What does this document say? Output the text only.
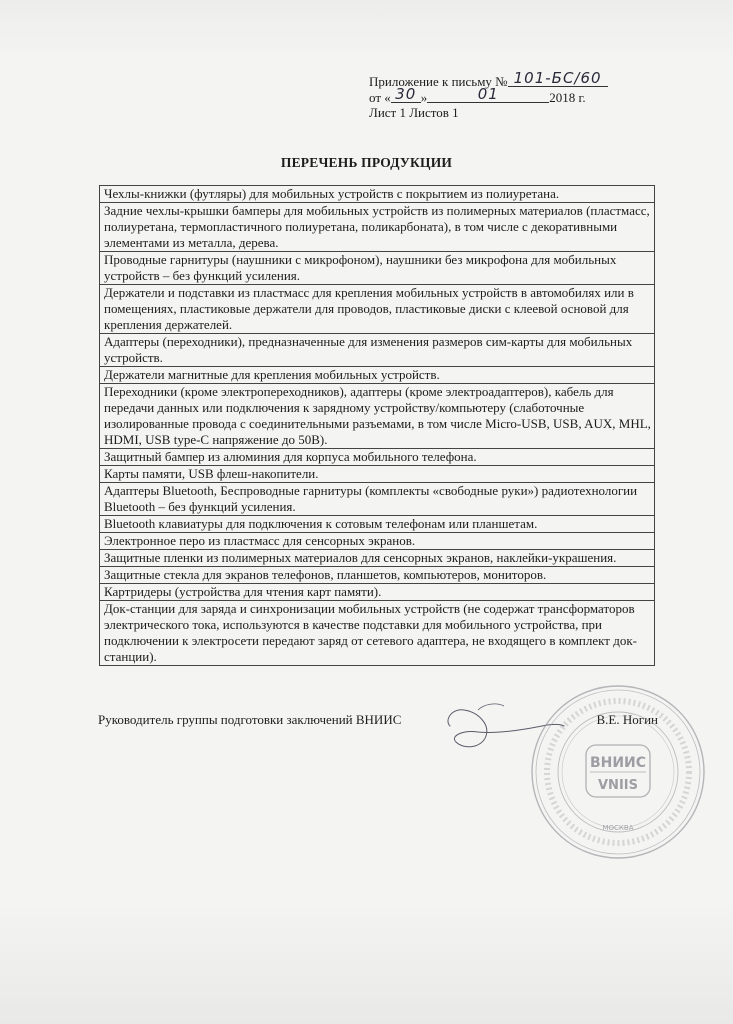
Приложение к письму № 101-БС/60
от « 30 »	01	2018 г.
Лист 1 Листов 1
ПЕРЕЧЕНЬ ПРОДУКЦИИ
Чехлы-книжки (футляры) для мобильных устройств с покрытием из полиуретана.
Задние чехлы-крышки бамперы для мобильных устройств из полимерных материалов (пластмасс, полиуретана, термопластичного полиуретана, поликарбоната), в том числе с декоративными элементами из металла, дерева.
Проводные гарнитуры (наушники с микрофоном), наушники без микрофона для мобильных устройств – без функций усиления.
Держатели и подставки из пластмасс для крепления мобильных устройств в автомобилях или в помещениях, пластиковые держатели для проводов, пластиковые диски с клеевой основой для крепления держателей.
Адаптеры (переходники), предназначенные для изменения размеров сим-карты для мобильных устройств.
Держатели магнитные для крепления мобильных устройств.
Переходники (кроме электропереходников), адаптеры (кроме электроадаптеров), кабель для передачи данных или подключения к зарядному устройству/компьютеру (слаботочные изолированные провода с соединительными разъемами, в том числе Micro-USB, USB, AUX, MHL, HDMI, USB type-C напряжение до 50В).
Защитный бампер из алюминия для корпуса мобильного телефона.
Карты памяти, USB флеш-накопители.
Адаптеры Bluetooth, Беспроводные гарнитуры (комплекты «свободные руки») радиотехнологии Bluetooth – без функций усиления.
Bluetooth клавиатуры для подключения к сотовым телефонам или планшетам.
Электронное перо из пластмасс для сенсорных экранов.
Защитные пленки из полимерных материалов для сенсорных экранов, наклейки-украшения.
Защитные стекла для экранов телефонов, планшетов, компьютеров, мониторов.
Картридеры (устройства для чтения карт памяти).
Док-станции для заряда и синхронизации мобильных устройств (не содержат трансформаторов электрического тока, используются в качестве подставки для мобильного устройства, при подключении к электросети передают заряд от сетевого адаптера, не входящего в комплект док-станции).
Руководитель группы подготовки заключений ВНИИС	В.Е. Ногин
ВНИИС
VNIIS
МОСКВА
